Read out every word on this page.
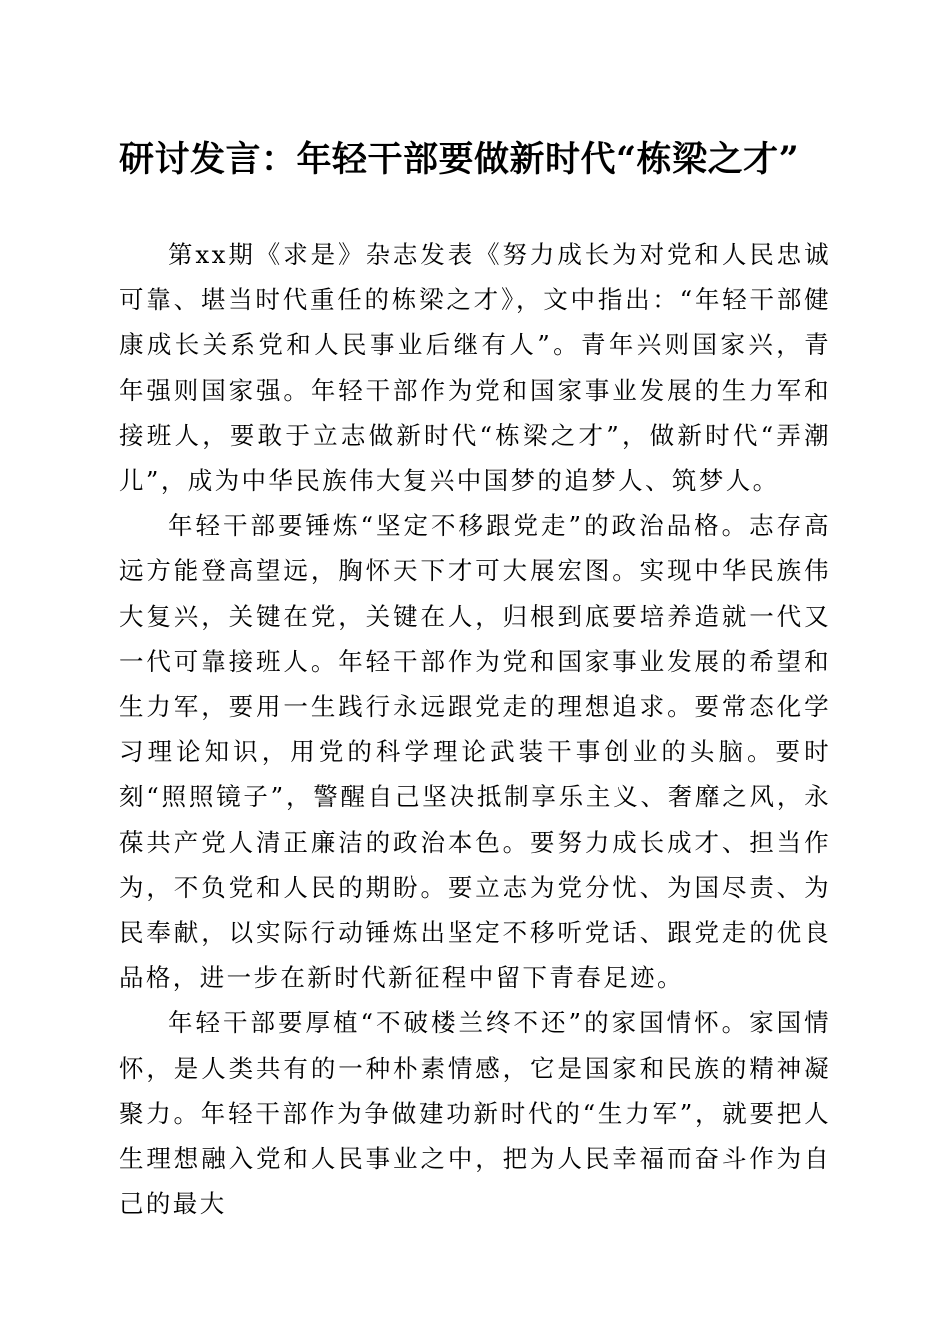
研讨发言：年轻干部要做新时代“栋梁之才”

第xx期《求是》杂志发表《努力成长为对党和人民忠诚可靠、堪当时代重任的栋梁之才》，文中指出：“年轻干部健康成长关系党和人民事业后继有人”。青年兴则国家兴，青年强则国家强。年轻干部作为党和国家事业发展的生力军和接班人，要敢于立志做新时代“栋梁之才”，做新时代“弄潮儿”，成为中华民族伟大复兴中国梦的追梦人、筑梦人。

年轻干部要锤炼“坚定不移跟党走”的政治品格。志存高远方能登高望远，胸怀天下才可大展宏图。实现中华民族伟大复兴，关键在党，关键在人，归根到底要培养造就一代又一代可靠接班人。年轻干部作为党和国家事业发展的希望和生力军，要用一生践行永远跟党走的理想追求。要常态化学习理论知识，用党的科学理论武装干事创业的头脑。要时刻“照照镜子”，警醒自己坚决抵制享乐主义、奢靡之风，永葆共产党人清正廉洁的政治本色。要努力成长成才、担当作为，不负党和人民的期盼。要立志为党分忧、为国尽责、为民奉献，以实际行动锤炼出坚定不移听党话、跟党走的优良品格，进一步在新时代新征程中留下青春足迹。

年轻干部要厚植“不破楼兰终不还”的家国情怀。家国情怀，是人类共有的一种朴素情感，它是国家和民族的精神凝聚力。年轻干部作为争做建功新时代的“生力军”，就要把人生理想融入党和人民事业之中，把为人民幸福而奋斗作为自己的最大
